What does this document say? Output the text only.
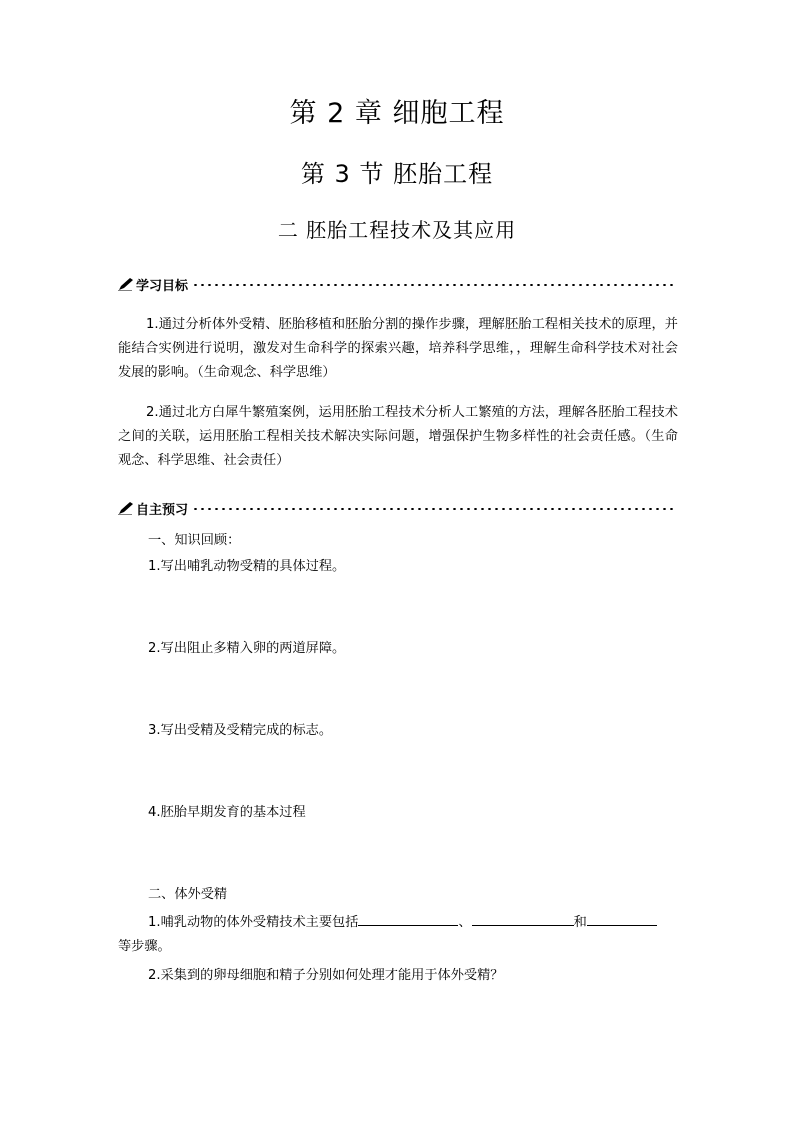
第 2 章 细胞工程
第 3 节 胚胎工程
二 胚胎工程技术及其应用
学习目标
1.通过分析体外受精、胚胎移植和胚胎分割的操作步骤，理解胚胎工程相关技术的原理，并能结合实例进行说明，激发对生命科学的探索兴趣，培养科学思维，，理解生命科学技术对社会发展的影响。（生命观念、科学思维）
2.通过北方白犀牛繁殖案例，运用胚胎工程技术分析人工繁殖的方法，理解各胚胎工程技术之间的关联，运用胚胎工程相关技术解决实际问题，增强保护生物多样性的社会责任感。（生命观念、科学思维、社会责任）
自主预习
一、知识回顾：
1.写出哺乳动物受精的具体过程。
2.写出阻止多精入卵的两道屏障。
3.写出受精及受精完成的标志。
4.胚胎早期发育的基本过程
二、体外受精
1.哺乳动物的体外受精技术主要包括	、	和
等步骤。
2.采集到的卵母细胞和精子分别如何处理才能用于体外受精？
